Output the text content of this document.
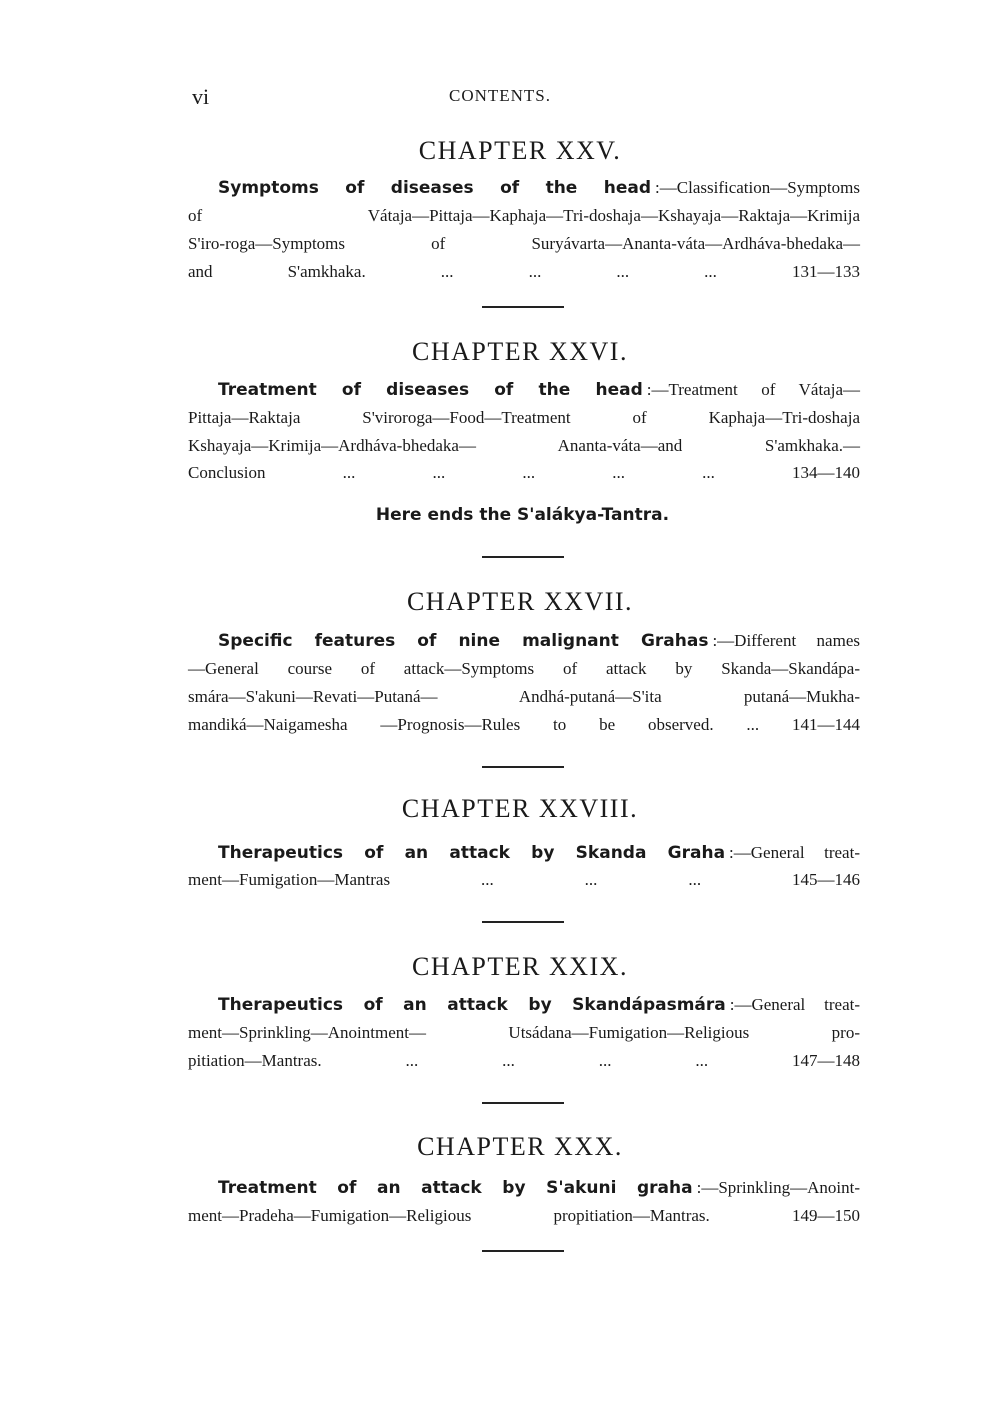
vi	CONTENTS.
CHAPTER XXV.
Symptoms of diseases of the head :—Classification—Symptoms
of Vátaja—Pittaja—Kaphaja—Tri-doshaja—Kshayaja—Raktaja—Krimija
S'iro-roga—Symptoms of Suryávarta—Ananta-váta—Ardháva-bhedaka—
and S'amkhaka. ... ... ... ... 131—133
CHAPTER XXVI.
Treatment of diseases of the head :—Treatment of Vátaja—
Pittaja—Raktaja S'viroroga—Food—Treatment of Kaphaja—Tri-doshaja
Kshayaja—Krimija—Ardháva-bhedaka— Ananta-váta—and S'amkhaka.—
Conclusion ... ... ... ... ... 134—140
Here ends the S'alákya-Tantra.
CHAPTER XXVII.
Specific features of nine malignant Grahas :—Different names
—General course of attack—Symptoms of attack by Skanda—Skandápa-
smára—S'akuni—Revati—Putaná— Andhá-putaná—S'ita putaná—Mukha-
mandiká—Naigamesha —Prognosis—Rules to be observed. ... 141—144
CHAPTER XXVIII.
Therapeutics of an attack by Skanda Graha :—General treat-
ment—Fumigation—Mantras ... ... ... 145—146
CHAPTER XXIX.
Therapeutics of an attack by Skandápasmára :—General treat-
ment—Sprinkling—Anointment— Utsádana—Fumigation—Religious pro-
pitiation—Mantras. ... ... ... ... 147—148
CHAPTER XXX.
Treatment of an attack by S'akuni graha :—Sprinkling—Anoint-
ment—Pradeha—Fumigation—Religious propitiation—Mantras. 149—150
